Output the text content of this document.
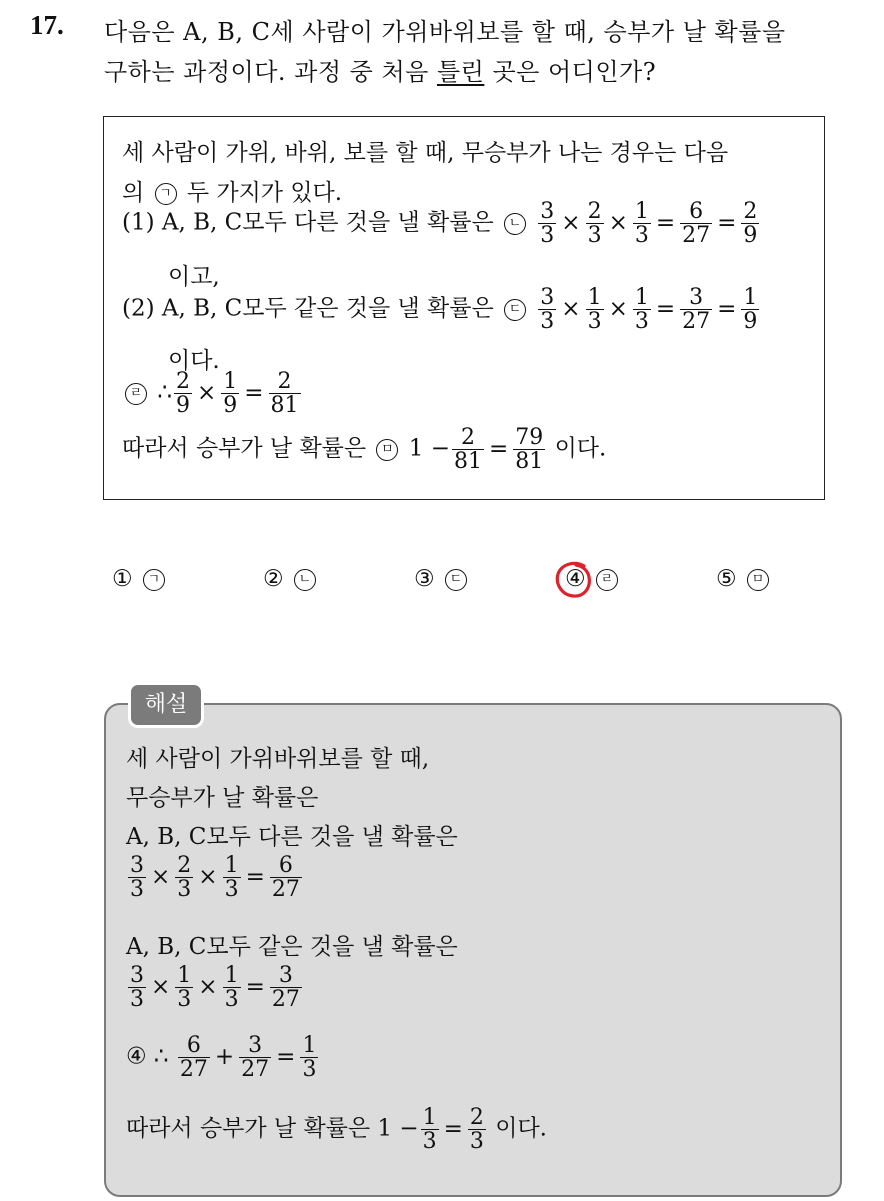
17. 다음은 A, B, C세 사람이 가위바위보를 할 때, 승부가 날 확률을
구하는 과정이다. 과정 중 처음 틀린 곳은 어디인가?
세 사람이 가위, 바위, 보를 할 때, 무승부가 나는 경우는 다음
의 ㄱ 두 가지가 있다.
(1) A, B, C모두 다른 것을 낼 확률은 ㄴ $\frac{3}{3} \times \frac{2}{3} \times \frac{1}{3} = \frac{6}{27} = \frac{2}{9}$
이고,
(2) A, B, C모두 같은 것을 낼 확률은 ㄷ $\frac{3}{3} \times \frac{1}{3} \times \frac{1}{3} = \frac{3}{27} = \frac{1}{9}$
이다.
ㄹ ∴ $\frac{2}{9} \times \frac{1}{9} = \frac{2}{81}$
따라서 승부가 날 확률은 ㅁ $1 - \frac{2}{81} = \frac{79}{81}$ 이다.
① ㄱ	② ㄴ	③ ㄷ	④ ㄹ	⑤ ㅁ
해설
세 사람이 가위바위보를 할 때,
무승부가 날 확률은
A, B, C모두 다른 것을 낼 확률은
$\frac{3}{3} \times \frac{2}{3} \times \frac{1}{3} = \frac{6}{27}$
A, B, C모두 같은 것을 낼 확률은
$\frac{3}{3} \times \frac{1}{3} \times \frac{1}{3} = \frac{3}{27}$
④ ∴ $\frac{6}{27} + \frac{3}{27} = \frac{1}{3}$
따라서 승부가 날 확률은 $1 - \frac{1}{3} = \frac{2}{3}$ 이다.
